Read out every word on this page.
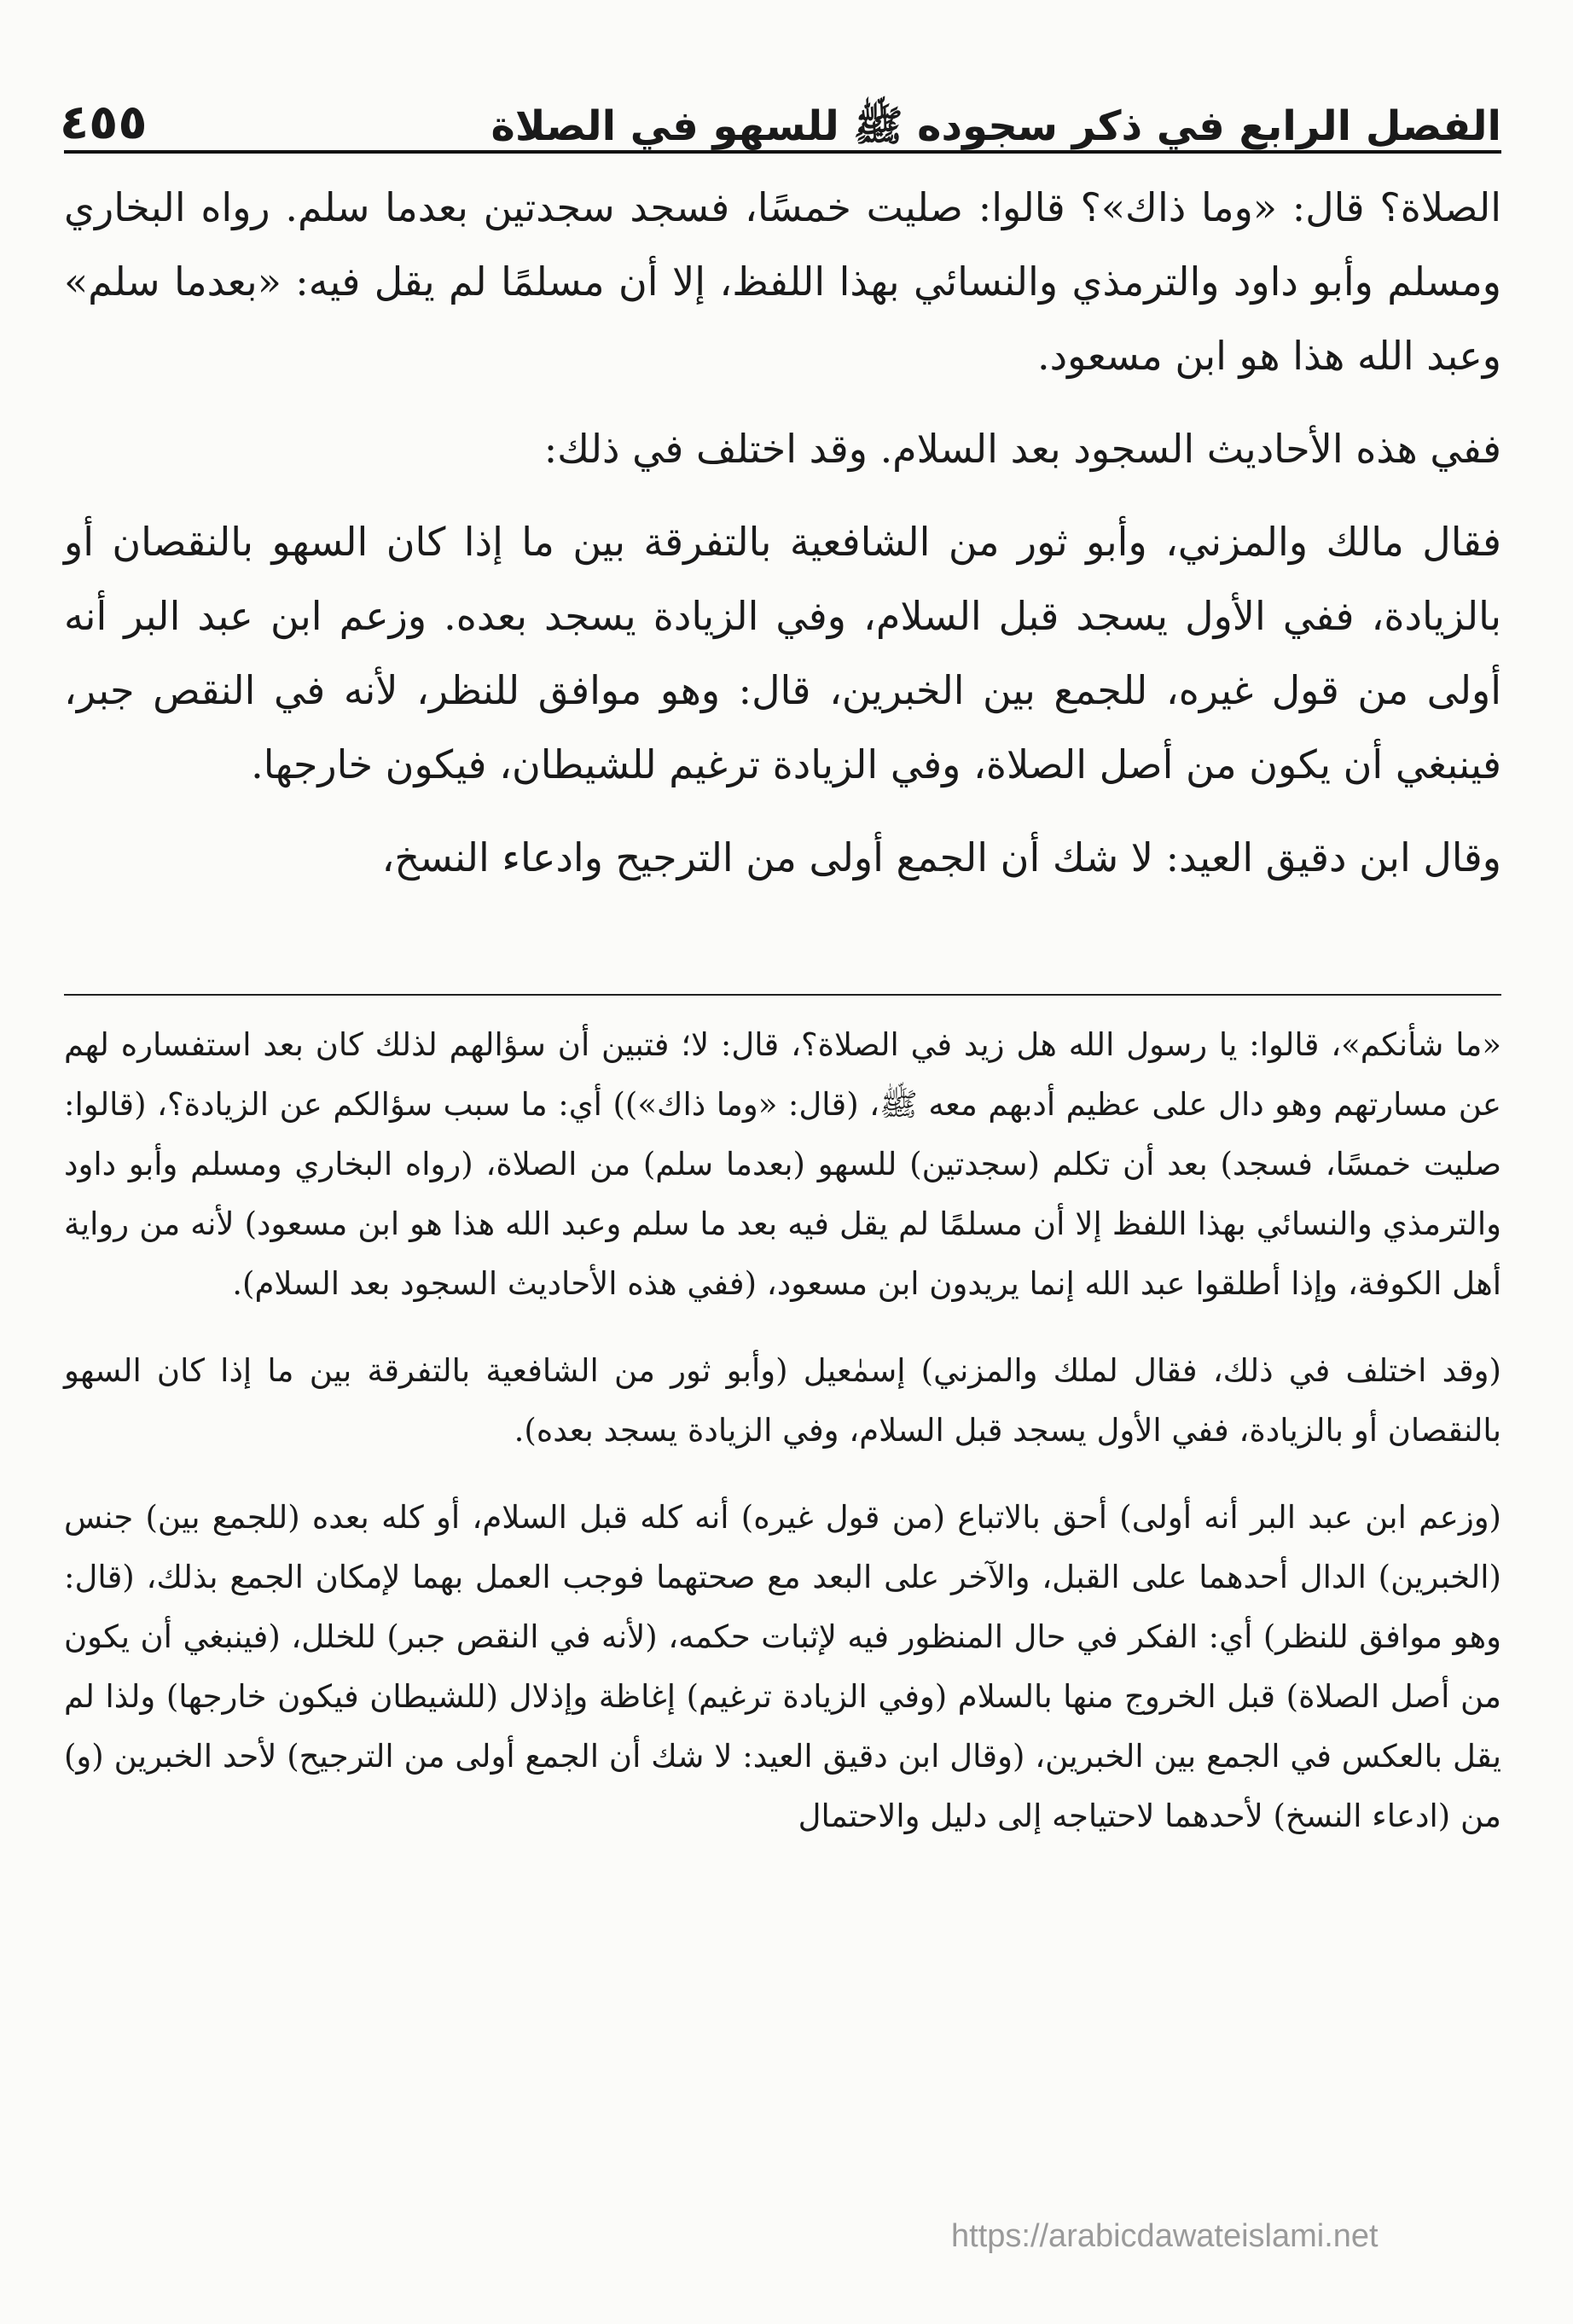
الفصل الرابع في ذكر سجوده ﷺ للسهو في الصلاة
٤٥٥

الصلاة؟ قال: «وما ذاك»؟ قالوا: صليت خمسًا، فسجد سجدتين بعدما سلم. رواه البخاري ومسلم وأبو داود والترمذي والنسائي بهذا اللفظ، إلا أن مسلمًا لم يقل فيه: «بعدما سلم» وعبد الله هذا هو ابن مسعود.

ففي هذه الأحاديث السجود بعد السلام. وقد اختلف في ذلك:

فقال مالك والمزني، وأبو ثور من الشافعية بالتفرقة بين ما إذا كان السهو بالنقصان أو بالزيادة، ففي الأول يسجد قبل السلام، وفي الزيادة يسجد بعده. وزعم ابن عبد البر أنه أولى من قول غيره، للجمع بين الخبرين، قال: وهو موافق للنظر، لأنه في النقص جبر، فينبغي أن يكون من أصل الصلاة، وفي الزيادة ترغيم للشيطان، فيكون خارجها.

وقال ابن دقيق العيد: لا شك أن الجمع أولى من الترجيح وادعاء النسخ،

«ما شأنكم»، قالوا: يا رسول الله هل زيد في الصلاة؟، قال: لا؛ فتبين أن سؤالهم لذلك كان بعد استفساره لهم عن مسارتهم وهو دال على عظيم أدبهم معه ﷺ، (قال: «وما ذاك»)) أي: ما سبب سؤالكم عن الزيادة؟، (قالوا: صليت خمسًا، فسجد) بعد أن تكلم (سجدتين) للسهو (بعدما سلم) من الصلاة، (رواه البخاري ومسلم وأبو داود والترمذي والنسائي بهذا اللفظ إلا أن مسلمًا لم يقل فيه بعد ما سلم وعبد الله هذا هو ابن مسعود) لأنه من رواية أهل الكوفة، وإذا أطلقوا عبد الله إنما يريدون ابن مسعود، (ففي هذه الأحاديث السجود بعد السلام).

(وقد اختلف في ذلك، فقال لملك والمزني) إسمٰعيل (وأبو ثور من الشافعية بالتفرقة بين ما إذا كان السهو بالنقصان أو بالزيادة، ففي الأول يسجد قبل السلام، وفي الزيادة يسجد بعده).

(وزعم ابن عبد البر أنه أولى) أحق بالاتباع (من قول غيره) أنه كله قبل السلام، أو كله بعده (للجمع بين) جنس (الخبرين) الدال أحدهما على القبل، والآخر على البعد مع صحتهما فوجب العمل بهما لإمكان الجمع بذلك، (قال: وهو موافق للنظر) أي: الفكر في حال المنظور فيه لإثبات حكمه، (لأنه في النقص جبر) للخلل، (فينبغي أن يكون من أصل الصلاة) قبل الخروج منها بالسلام (وفي الزيادة ترغيم) إغاظة وإذلال (للشيطان فيكون خارجها) ولذا لم يقل بالعكس في الجمع بين الخبرين، (وقال ابن دقيق العيد: لا شك أن الجمع أولى من الترجيح) لأحد الخبرين (و) من (ادعاء النسخ) لأحدهما لاحتياجه إلى دليل والاحتمال

https://arabicdawateislami.net
